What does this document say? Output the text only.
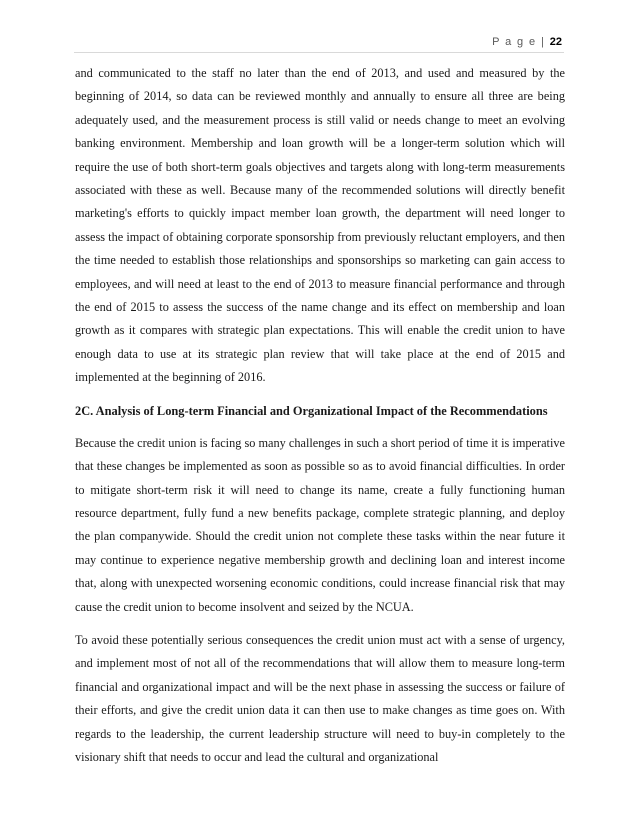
P a g e | 22

and communicated to the staff no later than the end of 2013, and used and measured by the beginning of 2014, so data can be reviewed monthly and annually to ensure all three are being adequately used, and the measurement process is still valid or needs change to meet an evolving banking environment. Membership and loan growth will be a longer-term solution which will require the use of both short-term goals objectives and targets along with long-term measurements associated with these as well. Because many of the recommended solutions will directly benefit marketing's efforts to quickly impact member loan growth, the department will need longer to assess the impact of obtaining corporate sponsorship from previously reluctant employers, and then the time needed to establish those relationships and sponsorships so marketing can gain access to employees, and will need at least to the end of 2013 to measure financial performance and through the end of 2015 to assess the success of the name change and its effect on membership and loan growth as it compares with strategic plan expectations. This will enable the credit union to have enough data to use at its strategic plan review that will take place at the end of 2015 and implemented at the beginning of 2016.

2C. Analysis of Long-term Financial and Organizational Impact of the Recommendations

Because the credit union is facing so many challenges in such a short period of time it is imperative that these changes be implemented as soon as possible so as to avoid financial difficulties. In order to mitigate short-term risk it will need to change its name, create a fully functioning human resource department, fully fund a new benefits package, complete strategic planning, and deploy the plan companywide. Should the credit union not complete these tasks within the near future it may continue to experience negative membership growth and declining loan and interest income that, along with unexpected worsening economic conditions, could increase financial risk that may cause the credit union to become insolvent and seized by the NCUA.

To avoid these potentially serious consequences the credit union must act with a sense of urgency, and implement most of not all of the recommendations that will allow them to measure long-term financial and organizational impact and will be the next phase in assessing the success or failure of their efforts, and give the credit union data it can then use to make changes as time goes on. With regards to the leadership, the current leadership structure will need to buy-in completely to the visionary shift that needs to occur and lead the cultural and organizational
